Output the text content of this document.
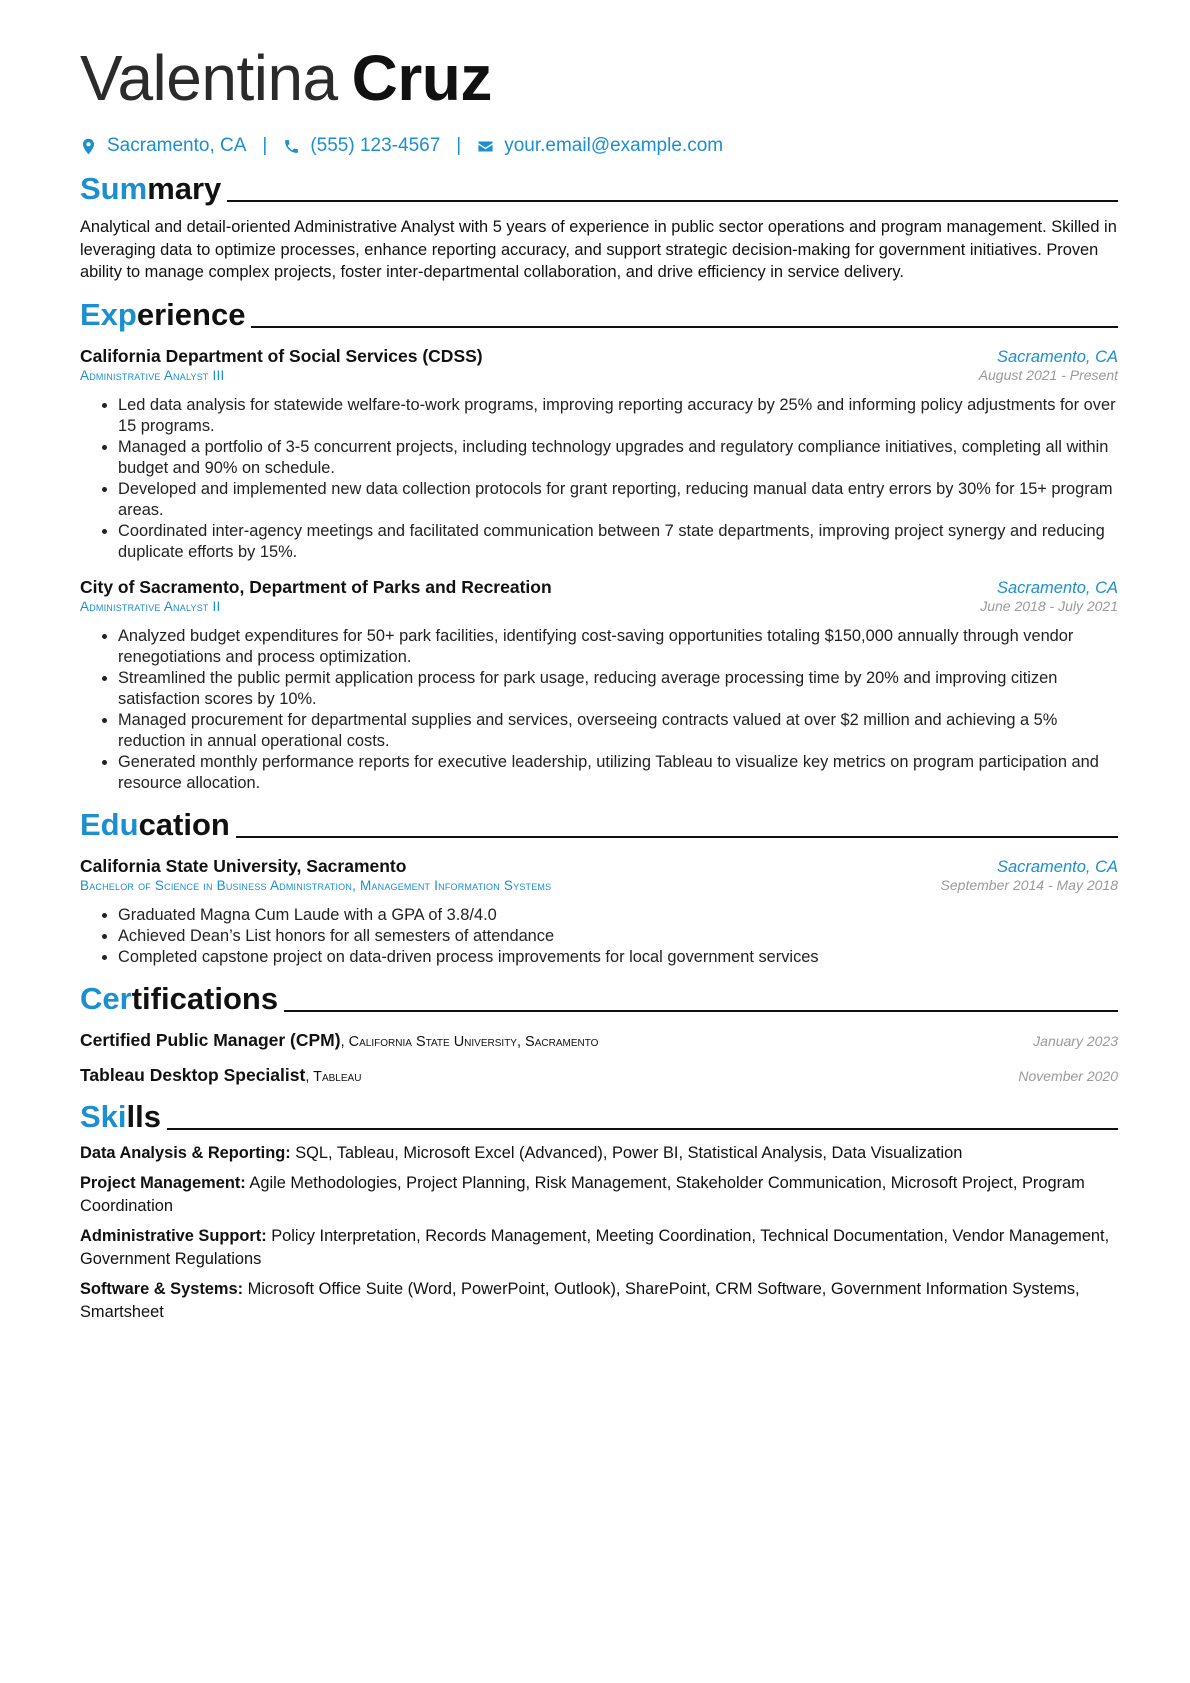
Valentina Cruz
Sacramento, CA | (555) 123-4567 | your.email@example.com
Summary

Analytical and detail-oriented Administrative Analyst with 5 years of experience in public sector operations and program management. Skilled in leveraging data to optimize processes, enhance reporting accuracy, and support strategic decision-making for government initiatives. Proven ability to manage complex projects, foster inter-departmental collaboration, and drive efficiency in service delivery.

Experience
California Department of Social Services (CDSS)	Sacramento, CA
Administrative Analyst III	August 2021 - Present
• Led data analysis for statewide welfare-to-work programs, improving reporting accuracy by 25% and informing policy adjustments for over 15 programs.
• Managed a portfolio of 3-5 concurrent projects, including technology upgrades and regulatory compliance initiatives, completing all within budget and 90% on schedule.
• Developed and implemented new data collection protocols for grant reporting, reducing manual data entry errors by 30% for 15+ program areas.
• Coordinated inter-agency meetings and facilitated communication between 7 state departments, improving project synergy and reducing duplicate efforts by 15%.
City of Sacramento, Department of Parks and Recreation	Sacramento, CA
Administrative Analyst II	June 2018 - July 2021
• Analyzed budget expenditures for 50+ park facilities, identifying cost-saving opportunities totaling $150,000 annually through vendor renegotiations and process optimization.
• Streamlined the public permit application process for park usage, reducing average processing time by 20% and improving citizen satisfaction scores by 10%.
• Managed procurement for departmental supplies and services, overseeing contracts valued at over $2 million and achieving a 5% reduction in annual operational costs.
• Generated monthly performance reports for executive leadership, utilizing Tableau to visualize key metrics on program participation and resource allocation.
Education
California State University, Sacramento	Sacramento, CA
Bachelor of Science in Business Administration, Management Information Systems	September 2014 - May 2018
• Graduated Magna Cum Laude with a GPA of 3.8/4.0
• Achieved Dean’s List honors for all semesters of attendance
• Completed capstone project on data-driven process improvements for local government services
Certifications
Certified Public Manager (CPM), California State University, Sacramento	January 2023
Tableau Desktop Specialist, Tableau	November 2020
Skills
Data Analysis & Reporting: SQL, Tableau, Microsoft Excel (Advanced), Power BI, Statistical Analysis, Data Visualization
Project Management: Agile Methodologies, Project Planning, Risk Management, Stakeholder Communication, Microsoft Project, Program Coordination
Administrative Support: Policy Interpretation, Records Management, Meeting Coordination, Technical Documentation, Vendor Management, Government Regulations
Software & Systems: Microsoft Office Suite (Word, PowerPoint, Outlook), SharePoint, CRM Software, Government Information Systems, Smartsheet
